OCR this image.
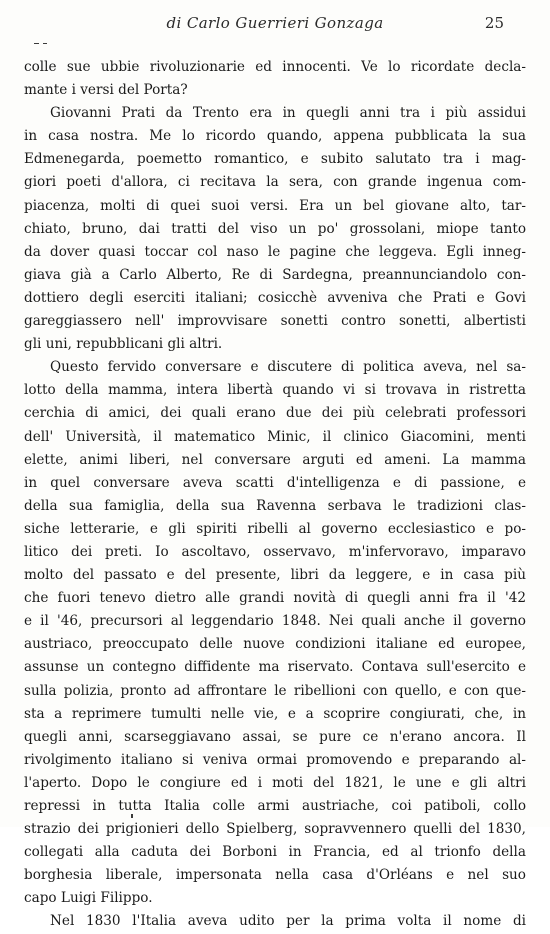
di Carlo Guerrieri Gonzaga	25
colle sue ubbie rivoluzionarie ed innocenti. Ve lo ricordate decla-
mante i versi del Porta?
Giovanni Prati da Trento era in quegli anni tra i più assidui
in casa nostra. Me lo ricordo quando, appena pubblicata la sua
Edmenegarda, poemetto romantico, e subito salutato tra i mag-
giori poeti d'allora, ci recitava la sera, con grande ingenua com-
piacenza, molti di quei suoi versi. Era un bel giovane alto, tar-
chiato, bruno, dai tratti del viso un po' grossolani, miope tanto
da dover quasi toccar col naso le pagine che leggeva. Egli inneg-
giava già a Carlo Alberto, Re di Sardegna, preannunciandolo con-
dottiero degli eserciti italiani; cosicchè avveniva che Prati e Govi
gareggiassero nell' improvvisare sonetti contro sonetti, albertisti
gli uni, repubblicani gli altri.
Questo fervido conversare e discutere di politica aveva, nel sa-
lotto della mamma, intera libertà quando vi si trovava in ristretta
cerchia di amici, dei quali erano due dei più celebrati professori
dell' Università, il matematico Minic, il clinico Giacomini, menti
elette, animi liberi, nel conversare arguti ed ameni. La mamma
in quel conversare aveva scatti d'intelligenza e di passione, e
della sua famiglia, della sua Ravenna serbava le tradizioni clas-
siche letterarie, e gli spiriti ribelli al governo ecclesiastico e po-
litico dei preti. Io ascoltavo, osservavo, m'infervoravo, imparavo
molto del passato e del presente, libri da leggere, e in casa più
che fuori tenevo dietro alle grandi novità di quegli anni fra il '42
e il '46, precursori al leggendario 1848. Nei quali anche il governo
austriaco, preoccupato delle nuove condizioni italiane ed europee,
assunse un contegno diffidente ma riservato. Contava sull'esercito e
sulla polizia, pronto ad affrontare le ribellioni con quello, e con que-
sta a reprimere tumulti nelle vie, e a scoprire congiurati, che, in
quegli anni, scarseggiavano assai, se pure ce n'erano ancora. Il
rivolgimento italiano si veniva ormai promovendo e preparando al-
l'aperto. Dopo le congiure ed i moti del 1821, le une e gli altri
repressi in tutta Italia colle armi austriache, coi patiboli, collo
strazio dei prigionieri dello Spielberg, sopravvennero quelli del 1830,
collegati alla caduta dei Borboni in Francia, ed al trionfo della
borghesia liberale, impersonata nella casa d'Orléans e nel suo
capo Luigi Filippo.
Nel 1830 l'Italia aveva udito per la prima volta il nome di
